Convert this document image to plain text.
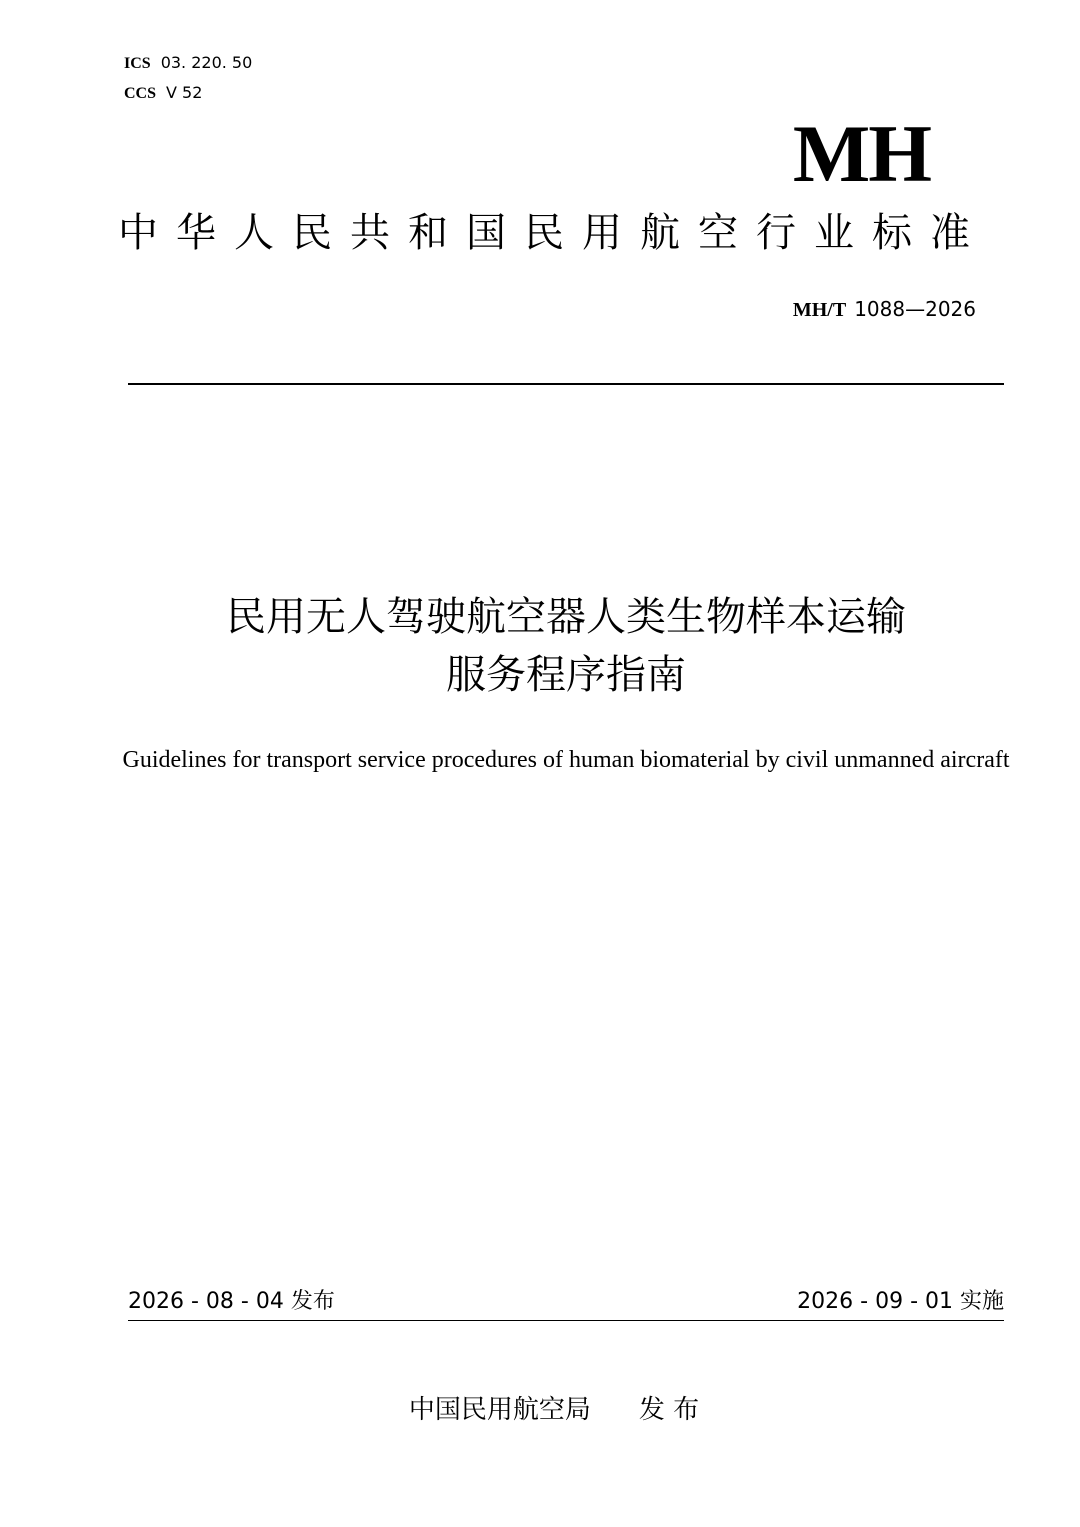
ICS 03. 220. 50
CCS V 52
MH
中华人民共和国民用航空行业标准
MH/T 1088—2026
民用无人驾驶航空器人类生物样本运输
服务程序指南
Guidelines for transport service procedures of human biomaterial by civil unmanned aircraft
2026 - 08 - 04 发布	2026 - 09 - 01 实施
中国民用航空局 发 布
